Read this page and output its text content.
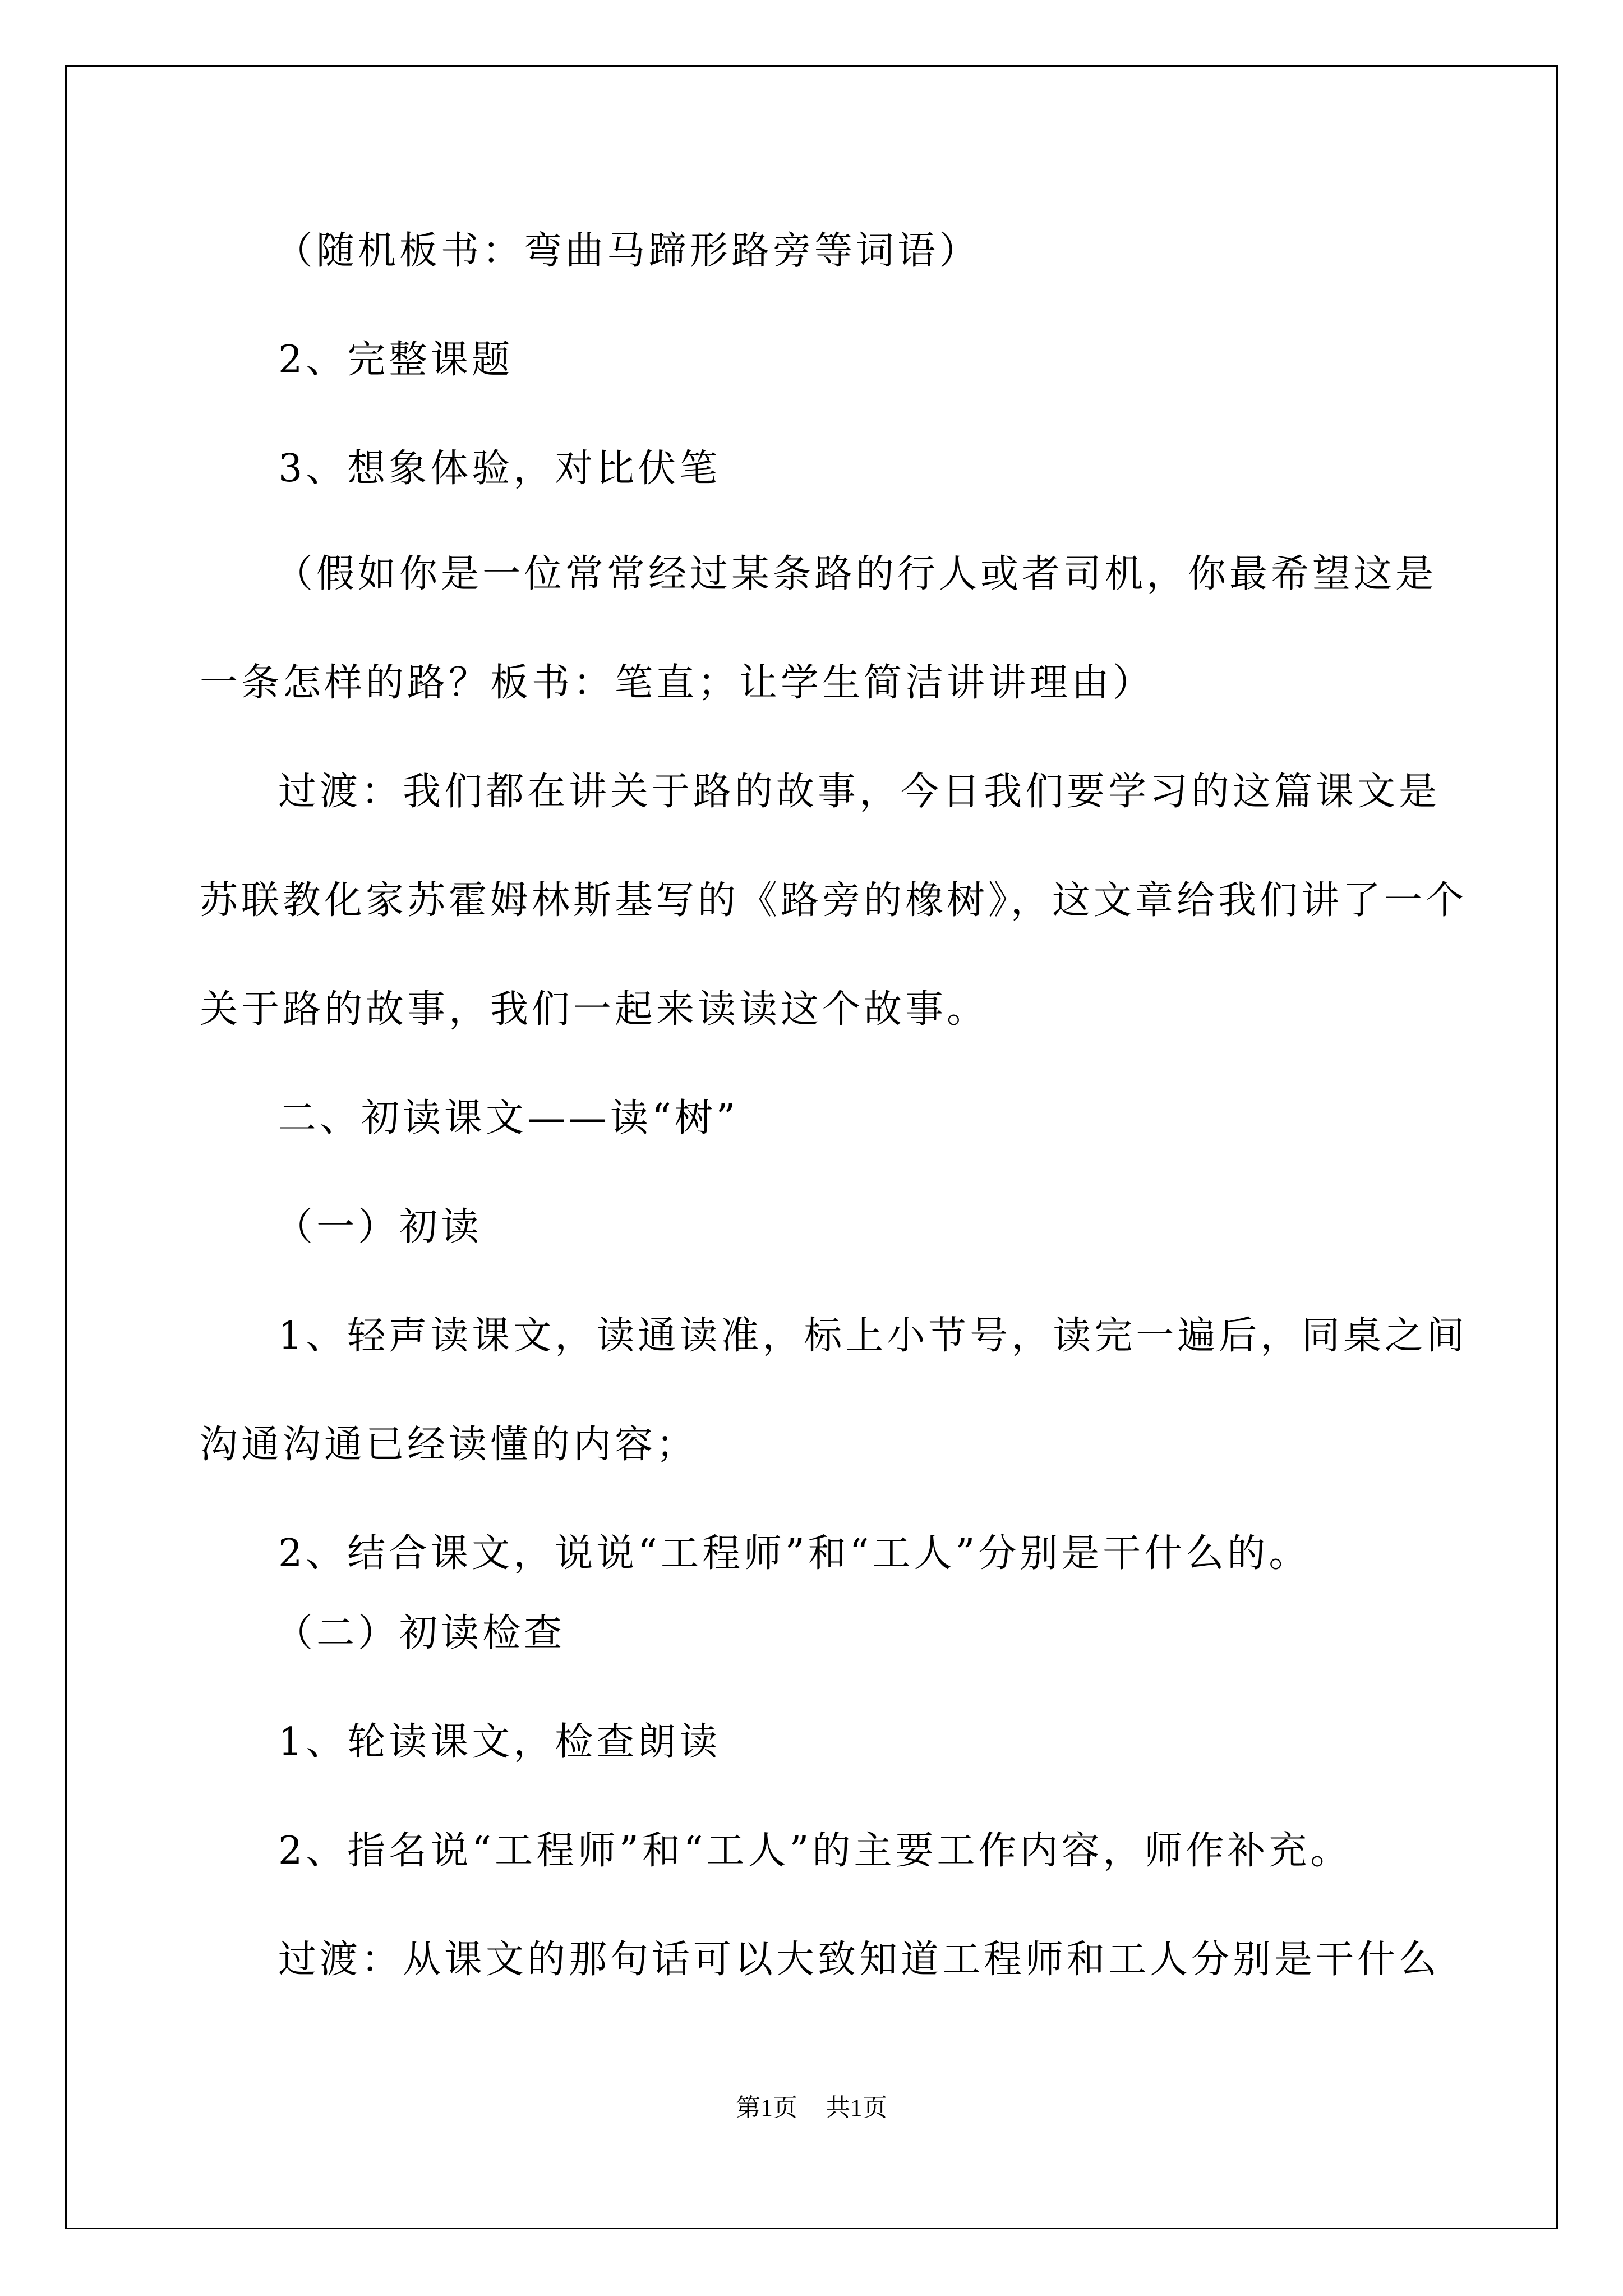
（随机板书：弯曲马蹄形路旁等词语）
2、完整课题
3、想象体验，对比伏笔
（假如你是一位常常经过某条路的行人或者司机，你最希望这是
一条怎样的路？板书：笔直；让学生简洁讲讲理由）
过渡：我们都在讲关于路的故事，今日我们要学习的这篇课文是
苏联教化家苏霍姆林斯基写的《路旁的橡树》，这文章给我们讲了一个
关于路的故事，我们一起来读读这个故事。
二、初读课文——读“树”
（一）初读
1、轻声读课文，读通读准，标上小节号，读完一遍后，同桌之间
沟通沟通已经读懂的内容；
2、结合课文，说说“工程师”和“工人”分别是干什么的。
（二）初读检查
1、轮读课文，检查朗读
2、指名说“工程师”和“工人”的主要工作内容，师作补充。
过渡：从课文的那句话可以大致知道工程师和工人分别是干什么
第1页 共1页
